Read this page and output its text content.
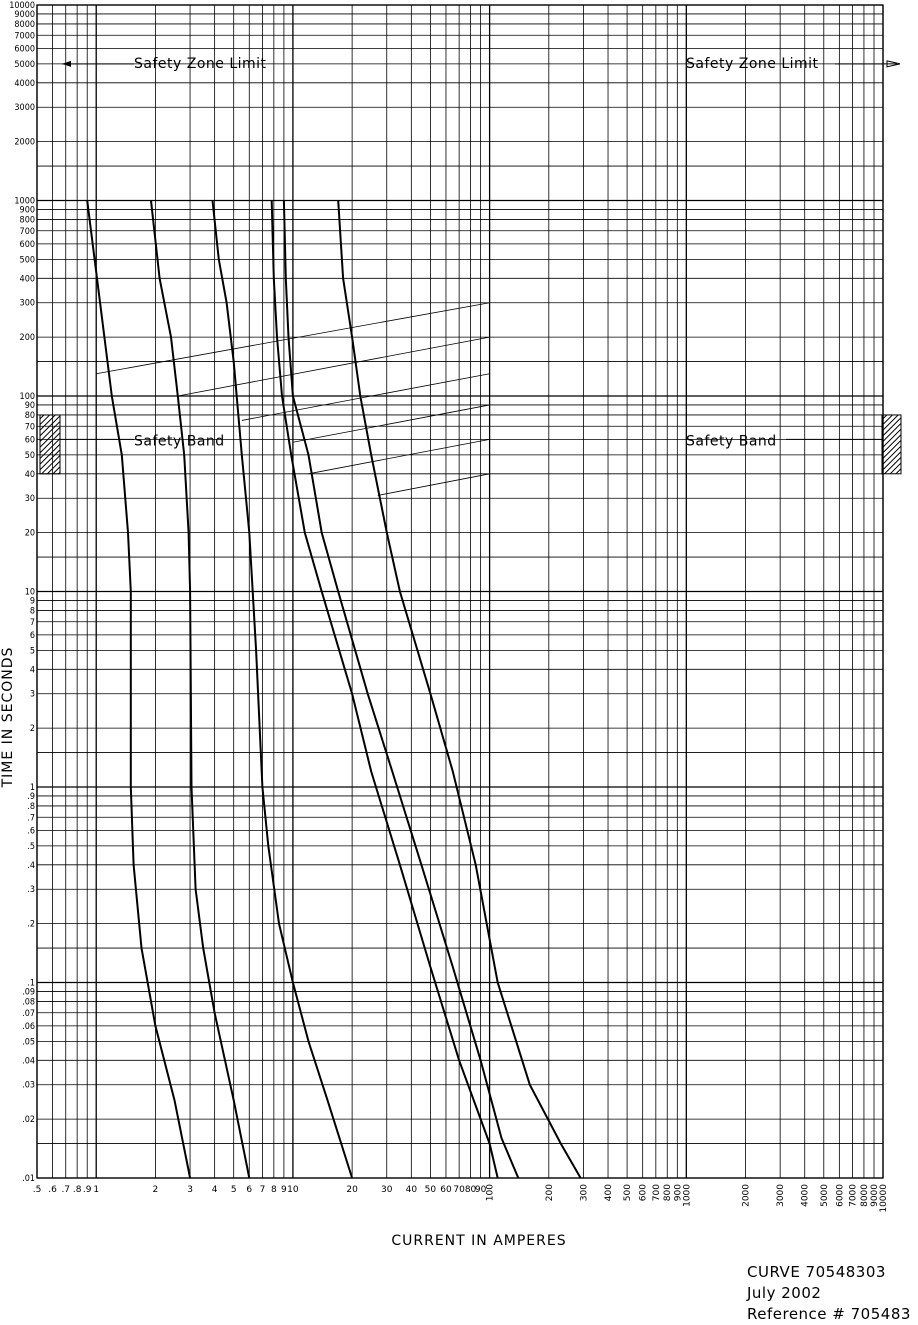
10000
9000
8000
7000
6000
5000
4000
3000
2000
1000
900
800
700
600
500
400
300
200
100
90
80
70
60
50
40
30
20
10
9
8
7
6
5
4
3
2
1
.9
.8
.7
.6
.5
.4
.3
.2
.1
.09
.08
.07
.06
.05
.04
.03
.02
.01
.5 .6 .7 .8 .9 1	2	3 4 5 6 7 8 9 10	20	30 40 50 60 70 80
90 100	200	300 400 500 600 700 800 900 1000	2000	3000 4000 5000 6000 7000 8000 9000 10000
Safety Zone Limit	Safety Zone Limit
Safety Band	Safety Band
CURRENT IN AMPERES
TIME IN SECONDS
CURVE 70548303
July 2002
Reference # 705483
